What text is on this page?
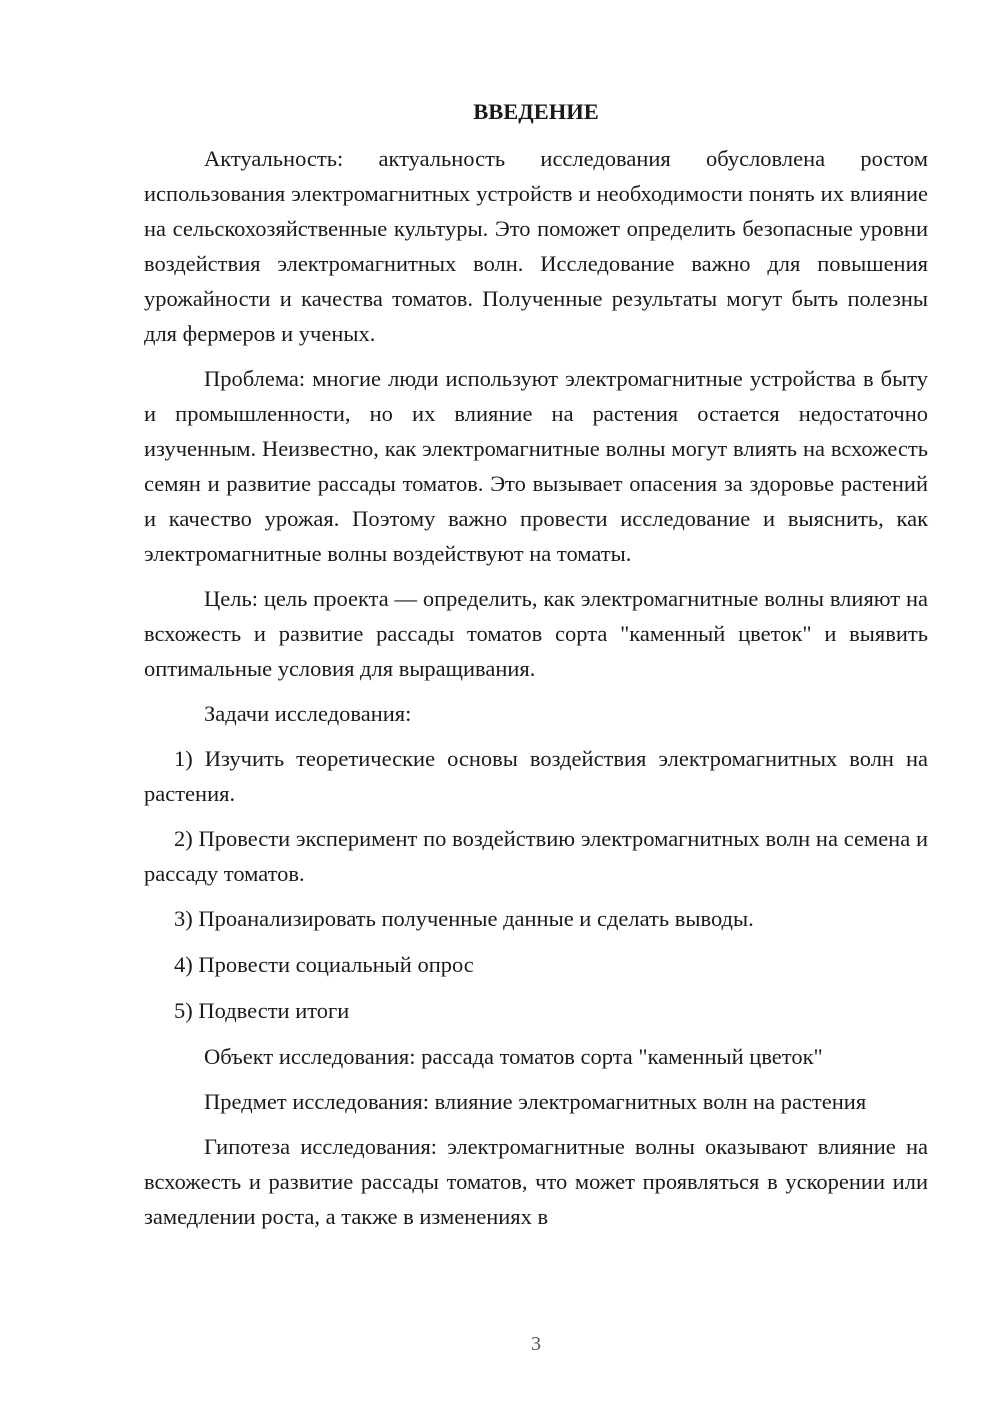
ВВЕДЕНИЕ
Актуальность: актуальность исследования обусловлена ростом использования электромагнитных устройств и необходимости понять их влияние на сельскохозяйственные культуры. Это поможет определить безопасные уровни воздействия электромагнитных волн. Исследование важно для повышения урожайности и качества томатов. Полученные результаты могут быть полезны для фермеров и ученых.
Проблема: многие люди используют электромагнитные устройства в быту и промышленности, но их влияние на растения остается недостаточно изученным. Неизвестно, как электромагнитные волны могут влиять на всхожесть семян и развитие рассады томатов. Это вызывает опасения за здоровье растений и качество урожая. Поэтому важно провести исследование и выяснить, как электромагнитные волны воздействуют на томаты.
Цель: цель проекта — определить, как электромагнитные волны влияют на всхожесть и развитие рассады томатов сорта "каменный цветок" и выявить оптимальные условия для выращивания.
Задачи исследования:
1) Изучить теоретические основы воздействия электромагнитных волн на растения.
2) Провести эксперимент по воздействию электромагнитных волн на семена и рассаду томатов.
3) Проанализировать полученные данные и сделать выводы.
4) Провести социальный опрос
5) Подвести итоги
Объект исследования: рассада томатов сорта "каменный цветок"
Предмет исследования: влияние электромагнитных волн на растения
Гипотеза исследования: электромагнитные волны оказывают влияние на всхожесть и развитие рассады томатов, что может проявляться в ускорении или замедлении роста, а также в изменениях в
3
